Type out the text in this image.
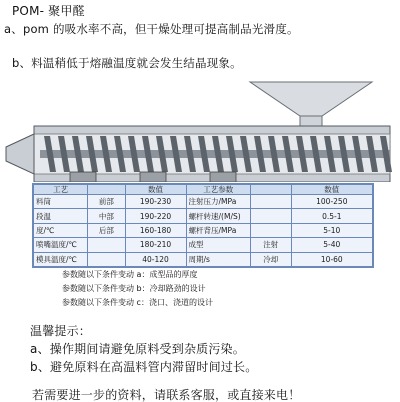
POM- 聚甲醛
a、pom 的吸水率不高，但干燥处理可提高制品光滑度。
b、料温稍低于熔融温度就会发生结晶现象。
工艺		数值	工艺参数		数值
料筒	前部	190-230	注射压力/MPa		100-250
段温	中部	190-220	螺杆转速/(M/S)		0.5-1
度/℃	后部	160-180	螺杆背压/MPa		5-10
喷嘴温度/℃		180-210	成型	注射	5-40
模具温度/℃		40-120	周期/s	冷却	10-60
参数随以下条件变动 a：成型品的厚度
参数随以下条件变动 b：冷却路劲的设计
参数随以下条件变动 c：浇口、浇道的设计
温馨提示：
a、操作期间请避免原料受到杂质污染。
b、避免原料在高温料管内滞留时间过长。
若需要进一步的资料，请联系客服，或直接来电！
